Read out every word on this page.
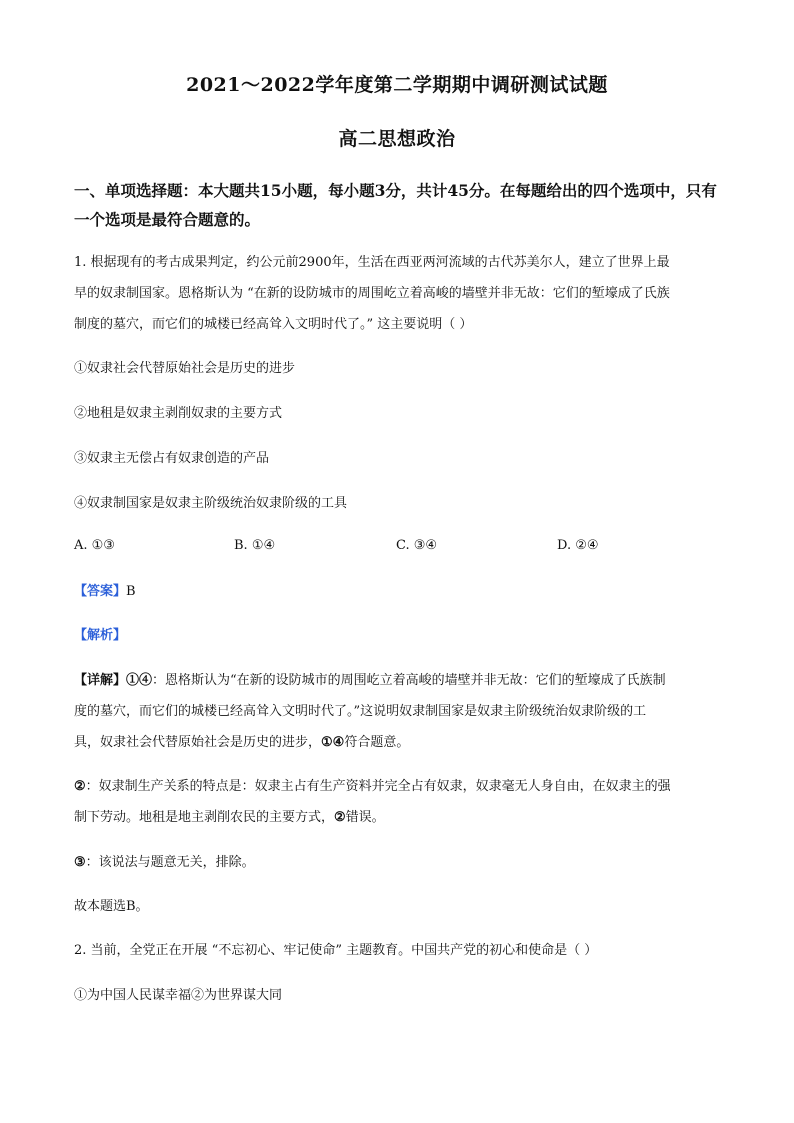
2021～2022学年度第二学期期中调研测试试题
高二思想政治
一、单项选择题：本大题共15小题，每小题3分，共计45分。在每题给出的四个选项中，只有一个选项是最符合题意的。
1. 根据现有的考古成果判定，约公元前2900年，生活在西亚两河流域的古代苏美尔人，建立了世界上最
早的奴隶制国家。恩格斯认为 “在新的设防城市的周围屹立着高峻的墙壁并非无故：它们的堑壕成了氏族
制度的墓穴，而它们的城楼已经高耸入文明时代了。” 这主要说明（ ）
①奴隶社会代替原始社会是历史的进步
②地租是奴隶主剥削奴隶的主要方式
③奴隶主无偿占有奴隶创造的产品
④奴隶制国家是奴隶主阶级统治奴隶阶级的工具
A. ①③	B. ①④	C. ③④	D. ②④
【答案】B
【解析】
【详解】①④：恩格斯认为“在新的设防城市的周围屹立着高峻的墙壁并非无故：它们的堑壕成了氏族制
度的墓穴，而它们的城楼已经高耸入文明时代了。”这说明奴隶制国家是奴隶主阶级统治奴隶阶级的工
具，奴隶社会代替原始社会是历史的进步，①④符合题意。
②：奴隶制生产关系的特点是：奴隶主占有生产资料并完全占有奴隶，奴隶毫无人身自由，在奴隶主的强
制下劳动。地租是地主剥削农民的主要方式，②错误。
③：该说法与题意无关，排除。
故本题选B。
2. 当前，全党正在开展 “不忘初心、牢记使命” 主题教育。中国共产党的初心和使命是（ ）
①为中国人民谋幸福②为世界谋大同
